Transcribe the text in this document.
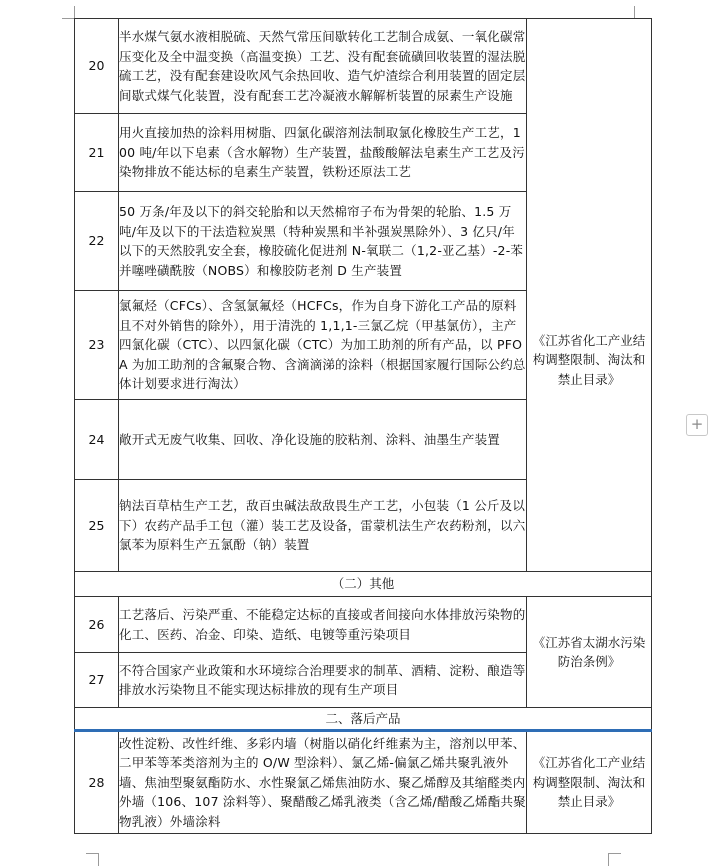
20	半水煤气氨水液相脱硫、天然气常压间歇转化工艺制合成氨、一氧化碳常压变化及全中温变换（高温变换）工艺、没有配套硫磺回收装置的湿法脱硫工艺，没有配套建设吹风气余热回收、造气炉渣综合利用装置的固定层间歇式煤气化装置，没有配套工艺冷凝液水解解析装置的尿素生产设施	《江苏省化工产业结构调整限制、淘汰和禁止目录》
21	用火直接加热的涂料用树脂、四氯化碳溶剂法制取氯化橡胶生产工艺，100 吨/年以下皂素（含水解物）生产装置，盐酸酸解法皂素生产工艺及污染物排放不能达标的皂素生产装置，铁粉还原法工艺	
22	50 万条/年及以下的斜交轮胎和以天然棉帘子布为骨架的轮胎、1.5 万吨/年及以下的干法造粒炭黑（特种炭黑和半补强炭黑除外）、3 亿只/年以下的天然胶乳安全套，橡胶硫化促进剂 N-氧联二（1,2-亚乙基）-2-苯并噻唑磺酰胺（NOBS）和橡胶防老剂 D 生产装置	
23	氯氟烃（CFCs）、含氢氯氟烃（HCFCs，作为自身下游化工产品的原料且不对外销售的除外），用于清洗的 1,1,1-三氯乙烷（甲基氯仿），主产四氯化碳（CTC）、以四氯化碳（CTC）为加工助剂的所有产品，以 PFOA 为加工助剂的含氟聚合物、含滴滴涕的涂料（根据国家履行国际公约总体计划要求进行淘汰）	
24	敞开式无废气收集、回收、净化设施的胶粘剂、涂料、油墨生产装置	
25	钠法百草枯生产工艺，敌百虫碱法敌敌畏生产工艺，小包装（1 公斤及以下）农药产品手工包（灌）装工艺及设备，雷蒙机法生产农药粉剂，以六氯苯为原料生产五氯酚（钠）装置	
（二）其他		
26	工艺落后、污染严重、不能稳定达标的直接或者间接向水体排放污染物的化工、医药、冶金、印染、造纸、电镀等重污染项目	《江苏省太湖水污染防治条例》
27	不符合国家产业政策和水环境综合治理要求的制革、酒精、淀粉、酿造等排放水污染物且不能实现达标排放的现有生产项目	
二、落后产品		
28	改性淀粉、改性纤维、多彩内墙（树脂以硝化纤维素为主，溶剂以甲苯、二甲苯等苯类溶剂为主的 O/W 型涂料）、氯乙烯-偏氯乙烯共聚乳液外墙、焦油型聚氨酯防水、水性聚氯乙烯焦油防水、聚乙烯醇及其缩醛类内外墙（106、107 涂料等）、聚醋酸乙烯乳液类（含乙烯/醋酸乙烯酯共聚物乳液）外墙涂料	《江苏省化工产业结构调整限制、淘汰和禁止目录》
+
